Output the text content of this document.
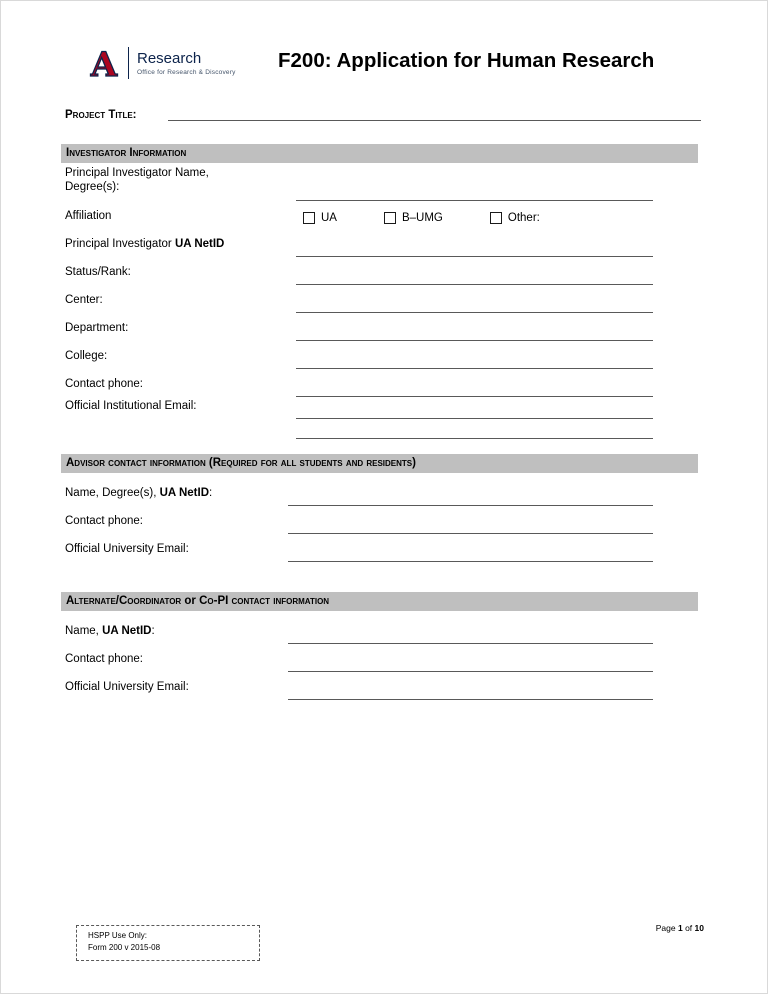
A Research
Office for Research & Discovery F200: Application for Human Research
Project Title:
Investigator Information
Principal Investigator Name,
Degree(s):
Affiliation	UA	B–UMG	Other:
Principal Investigator UA NetID
Status/Rank:
Center:
Department:
College:
Contact phone:
Official Institutional Email:
Advisor contact information (Required for all students and residents)
Name, Degree(s), UA NetID:
Contact phone:
Official University Email:
Alternate/Coordinator or Co-PI contact information
Name, UA NetID:
Contact phone:
Official University Email:
HSPP Use Only:
Form 200 v 2015-08
Page 1 of 10
